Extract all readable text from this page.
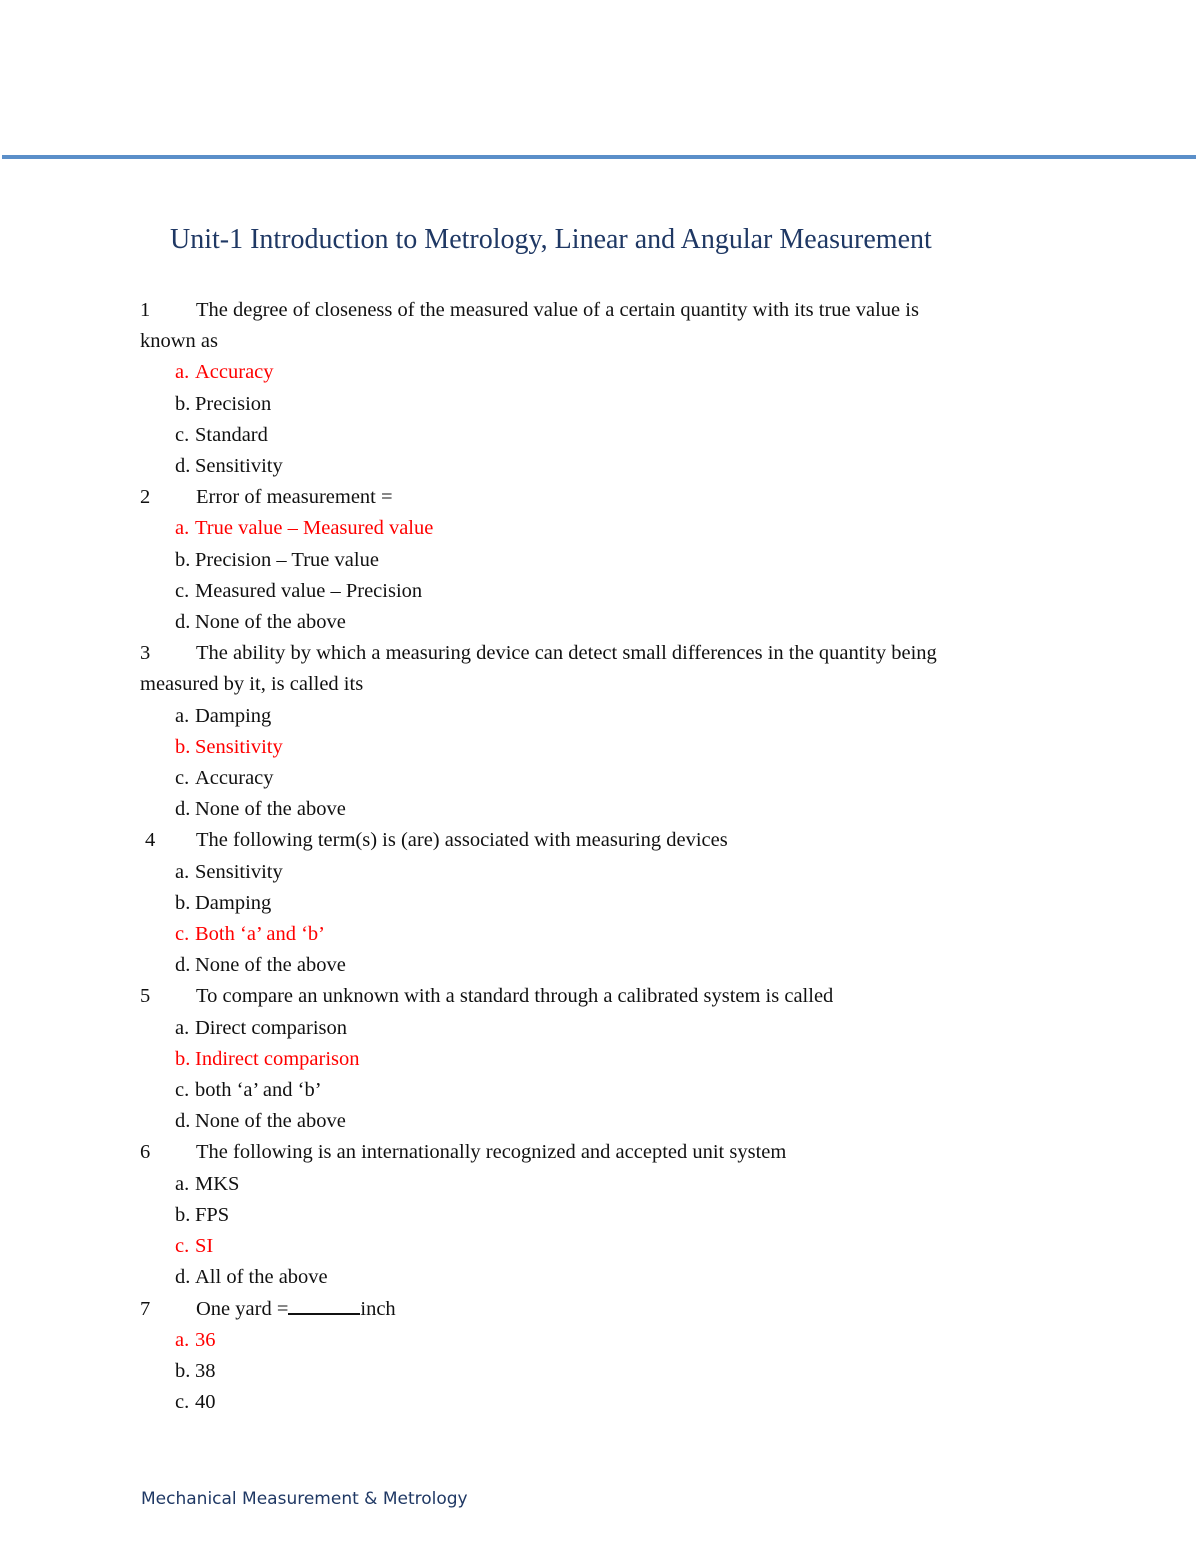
Unit-1 Introduction to Metrology, Linear and Angular Measurement
1 The degree of closeness of the measured value of a certain quantity with its true value is
known as
a. Accuracy
b. Precision
c. Standard
d. Sensitivity
2 Error of measurement =
a. True value – Measured value
b. Precision – True value
c. Measured value – Precision
d. None of the above
3 The ability by which a measuring device can detect small differences in the quantity being
measured by it, is called its
a. Damping
b. Sensitivity
c. Accuracy
d. None of the above
4 The following term(s) is (are) associated with measuring devices
a. Sensitivity
b. Damping
c. Both ‘a’ and ‘b’
d. None of the above
5 To compare an unknown with a standard through a calibrated system is called
a. Direct comparison
b. Indirect comparison
c. both ‘a’ and ‘b’
d. None of the above
6 The following is an internationally recognized and accepted unit system
a. MKS
b. FPS
c. SI
d. All of the above
7 One yard =	inch
a. 36
b. 38
c. 40
Mechanical Measurement & Metrology
